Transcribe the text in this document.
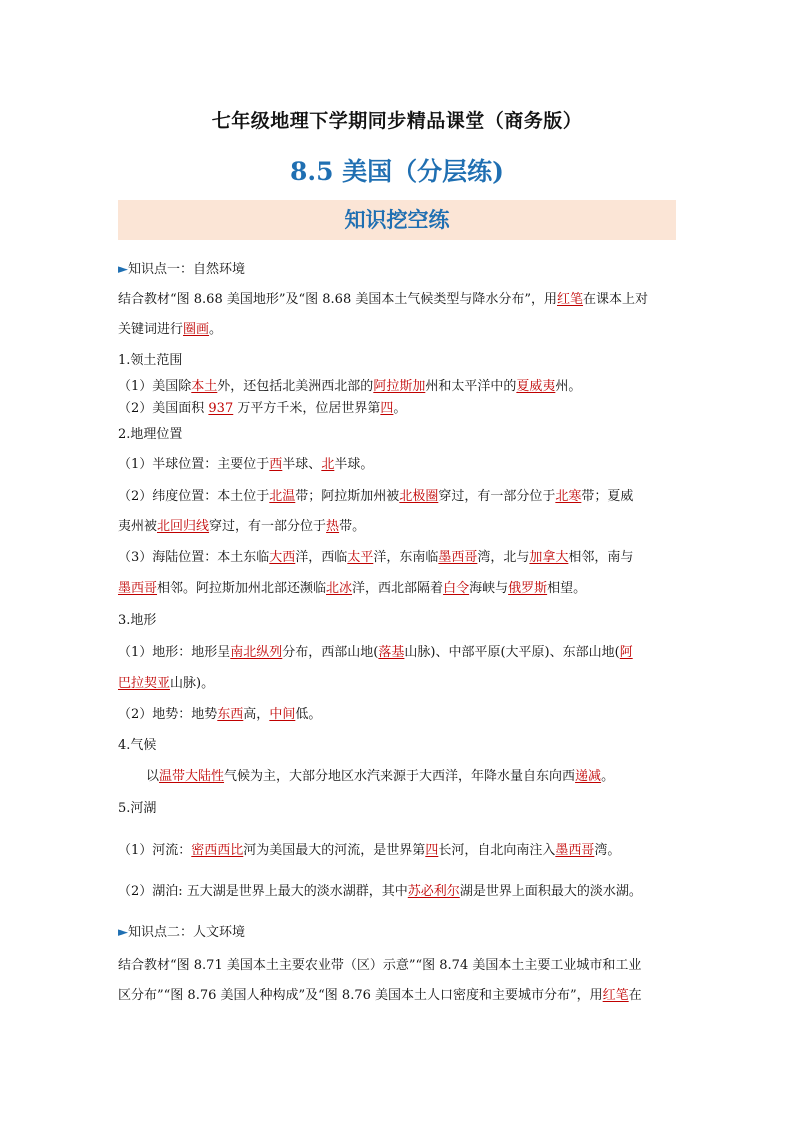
七年级地理下学期同步精品课堂（商务版）
8.5 美国（分层练)
知识挖空练
►知识点一：自然环境
结合教材“图 8.68 美国地形”及“图 8.68 美国本土气候类型与降水分布”，用红笔在课本上对
关键词进行圈画。
1.领土范围
（1）美国除本土外，还包括北美洲西北部的阿拉斯加州和太平洋中的夏威夷州。
（2）美国面积 937 万平方千米，位居世界第四。
2.地理位置
（1）半球位置：主要位于西半球、北半球。
（2）纬度位置：本土位于北温带；阿拉斯加州被北极圈穿过，有一部分位于北寒带；夏威
夷州被北回归线穿过，有一部分位于热带。
（3）海陆位置：本土东临大西洋，西临太平洋，东南临墨西哥湾，北与加拿大相邻，南与
墨西哥相邻。阿拉斯加州北部还濒临北冰洋，西北部隔着白令海峡与俄罗斯相望。
3.地形
（1）地形：地形呈南北纵列分布，西部山地(落基山脉)、中部平原(大平原)、东部山地(阿
巴拉契亚山脉)。
（2）地势：地势东西高，中间低。
4.气候
以温带大陆性气候为主，大部分地区水汽来源于大西洋，年降水量自东向西递减。
5.河湖
（1）河流：密西西比河为美国最大的河流，是世界第四长河，自北向南注入墨西哥湾。
（2）湖泊: 五大湖是世界上最大的淡水湖群，其中苏必利尔湖是世界上面积最大的淡水湖。
►知识点二：人文环境
结合教材“图 8.71 美国本土主要农业带（区）示意”“图 8.74 美国本土主要工业城市和工业
区分布”“图 8.76 美国人种构成”及“图 8.76 美国本土人口密度和主要城市分布”，用红笔在
